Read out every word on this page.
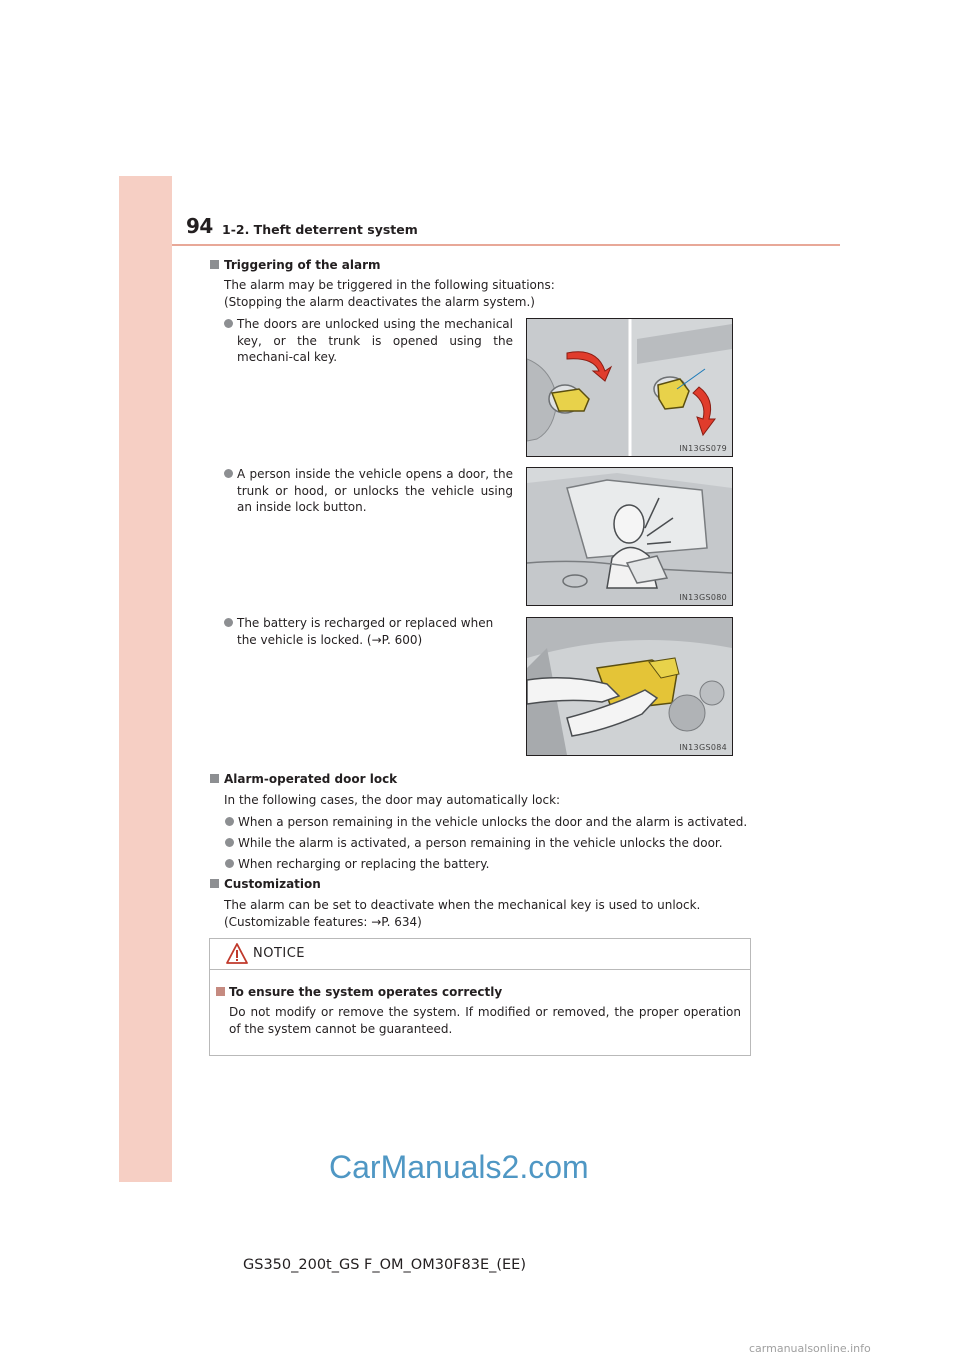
94 1-2. Theft deterrent system
Triggering of the alarm
The alarm may be triggered in the following situations:
(Stopping the alarm deactivates the alarm system.)
The doors are unlocked using the mechanical key, or the trunk is opened using the mechani-cal key.
IN13GS079
A person inside the vehicle opens a door, the trunk or hood, or unlocks the vehicle using an inside lock button.
IN13GS080
The battery is recharged or replaced when the vehicle is locked. (→P. 600)
IN13GS084
Alarm-operated door lock
In the following cases, the door may automatically lock:
When a person remaining in the vehicle unlocks the door and the alarm is activated.
While the alarm is activated, a person remaining in the vehicle unlocks the door.
When recharging or replacing the battery.
Customization
The alarm can be set to deactivate when the mechanical key is used to unlock.
(Customizable features: →P. 634)
NOTICE
To ensure the system operates correctly
Do not modify or remove the system. If modified or removed, the proper operation of the system cannot be guaranteed.
CarManuals2.com
GS350_200t_GS F_OM_OM30F83E_(EE)
carmanualsonline.info
